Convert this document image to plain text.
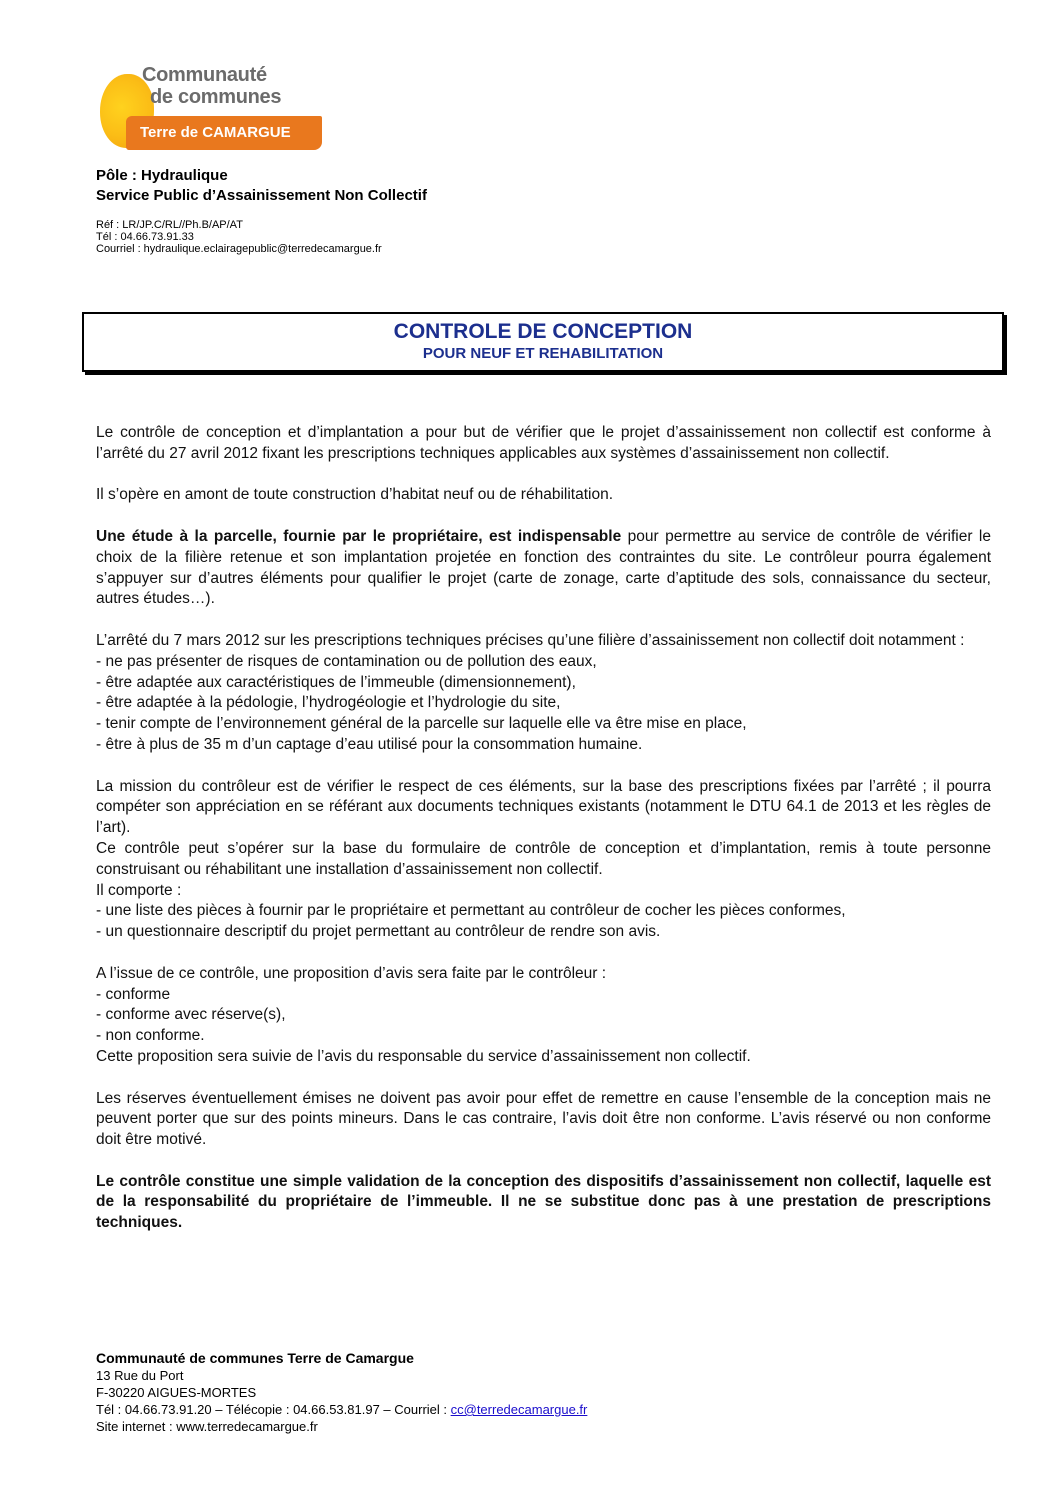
Communauté
de communes
Terre de CAMARGUE
Pôle : Hydraulique
Service Public d’Assainissement Non Collectif
Réf : LR/JP.C/RL//Ph.B/AP/AT
Tél : 04.66.73.91.33
Courriel : hydraulique.eclairagepublic@terredecamargue.fr
CONTROLE DE CONCEPTION
POUR NEUF ET REHABILITATION

Le contrôle de conception et d’implantation a pour but de vérifier que le projet d’assainissement non collectif est conforme à l’arrêté du 27 avril 2012 fixant les prescriptions techniques applicables aux systèmes d’assainissement non collectif.

Il s’opère en amont de toute construction d’habitat neuf ou de réhabilitation.

Une étude à la parcelle, fournie par le propriétaire, est indispensable pour permettre au service de contrôle de vérifier le choix de la filière retenue et son implantation projetée en fonction des contraintes du site. Le contrôleur pourra également s’appuyer sur d’autres éléments pour qualifier le projet (carte de zonage, carte d’aptitude des sols, connaissance du secteur, autres études…).

L’arrêté du 7 mars 2012 sur les prescriptions techniques précises qu’une filière d’assainissement non collectif doit notamment :
- ne pas présenter de risques de contamination ou de pollution des eaux,
- être adaptée aux caractéristiques de l’immeuble (dimensionnement),
- être adaptée à la pédologie, l’hydrogéologie et l’hydrologie du site,
- tenir compte de l’environnement général de la parcelle sur laquelle elle va être mise en place,
- être à plus de 35 m d’un captage d’eau utilisé pour la consommation humaine.

La mission du contrôleur est de vérifier le respect de ces éléments, sur la base des prescriptions fixées par l’arrêté ; il pourra compéter son appréciation en se référant aux documents techniques existants (notamment le DTU 64.1 de 2013 et les règles de l’art).
Ce contrôle peut s’opérer sur la base du formulaire de contrôle de conception et d’implantation, remis à toute personne construisant ou réhabilitant une installation d’assainissement non collectif.
Il comporte :
- une liste des pièces à fournir par le propriétaire et permettant au contrôleur de cocher les pièces conformes,
- un questionnaire descriptif du projet permettant au contrôleur de rendre son avis.

A l’issue de ce contrôle, une proposition d’avis sera faite par le contrôleur :
- conforme
- conforme avec réserve(s),
- non conforme.
Cette proposition sera suivie de l’avis du responsable du service d’assainissement non collectif.

Les réserves éventuellement émises ne doivent pas avoir pour effet de remettre en cause l’ensemble de la conception mais ne peuvent porter que sur des points mineurs. Dans le cas contraire, l’avis doit être non conforme. L’avis réservé ou non conforme doit être motivé.

Le contrôle constitue une simple validation de la conception des dispositifs d’assainissement non collectif, laquelle est de la responsabilité du propriétaire de l’immeuble. Il ne se substitue donc pas à une prestation de prescriptions techniques.

Communauté de communes Terre de Camargue
13 Rue du Port
F-30220 AIGUES-MORTES
Tél : 04.66.73.91.20 – Télécopie : 04.66.53.81.97 – Courriel : cc@terredecamargue.fr
Site internet : www.terredecamargue.fr
